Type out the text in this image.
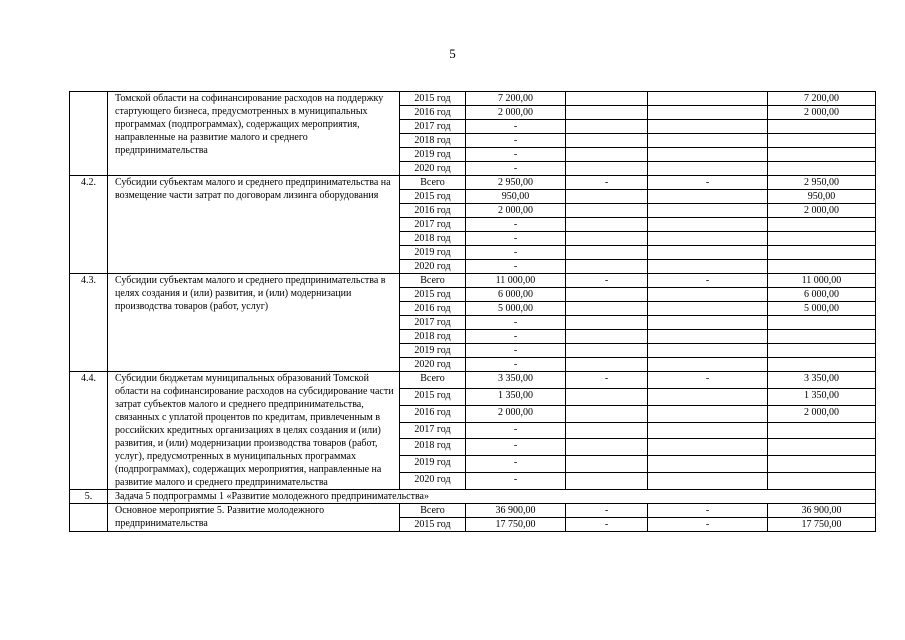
5
	Томской области на софинансирование расходов на поддержку стартующего бизнеса, предусмотренных в муниципальных программах (подпрограммах), содержащих мероприятия, направленные на развитие малого и среднего предпринимательства	2015 год	7 200,00			7 200,00
		2016 год	2 000,00			2 000,00
		2017 год	-			
		2018 год	-			
		2019 год	-			
		2020 год	-			
4.2.	Субсидии субъектам малого и среднего предпринимательства на возмещение части затрат по договорам лизинга оборудования	Всего	2 950,00	-	-	2 950,00
		2015 год	950,00			950,00
		2016 год	2 000,00			2 000,00
		2017 год	-			
		2018 год	-			
		2019 год	-			
		2020 год	-			
4.3.	Субсидии субъектам малого и среднего предпринимательства в целях создания и (или) развития, и (или) модернизации производства товаров (работ, услуг)	Всего	11 000,00	-	-	11 000,00
		2015 год	6 000,00			6 000,00
		2016 год	5 000,00			5 000,00
		2017 год	-			
		2018 год	-			
		2019 год	-			
		2020 год	-			
4.4.	Субсидии бюджетам муниципальных образований Томской области на софинансирование расходов на субсидирование части затрат субъектов малого и среднего предпринимательства, связанных с уплатой процентов по кредитам, привлеченным в российских кредитных организациях в целях создания и (или) развития, и (или) модернизации производства товаров (работ, услуг), предусмотренных в муниципальных программах (подпрограммах), содержащих мероприятия, направленные на развитие малого и среднего предпринимательства	Всего	3 350,00	-	-	3 350,00
		2015 год	1 350,00			1 350,00
		2016 год	2 000,00			2 000,00
		2017 год	-			
		2018 год	-			
		2019 год	-			
		2020 год	-			
5.	Задача 5 подпрограммы 1 «Развитие молодежного предпринимательства»					
	Основное мероприятие 5. Развитие молодежного предпринимательства	Всего	36 900,00	-	-	36 900,00
		2015 год	17 750,00	-	-	17 750,00
